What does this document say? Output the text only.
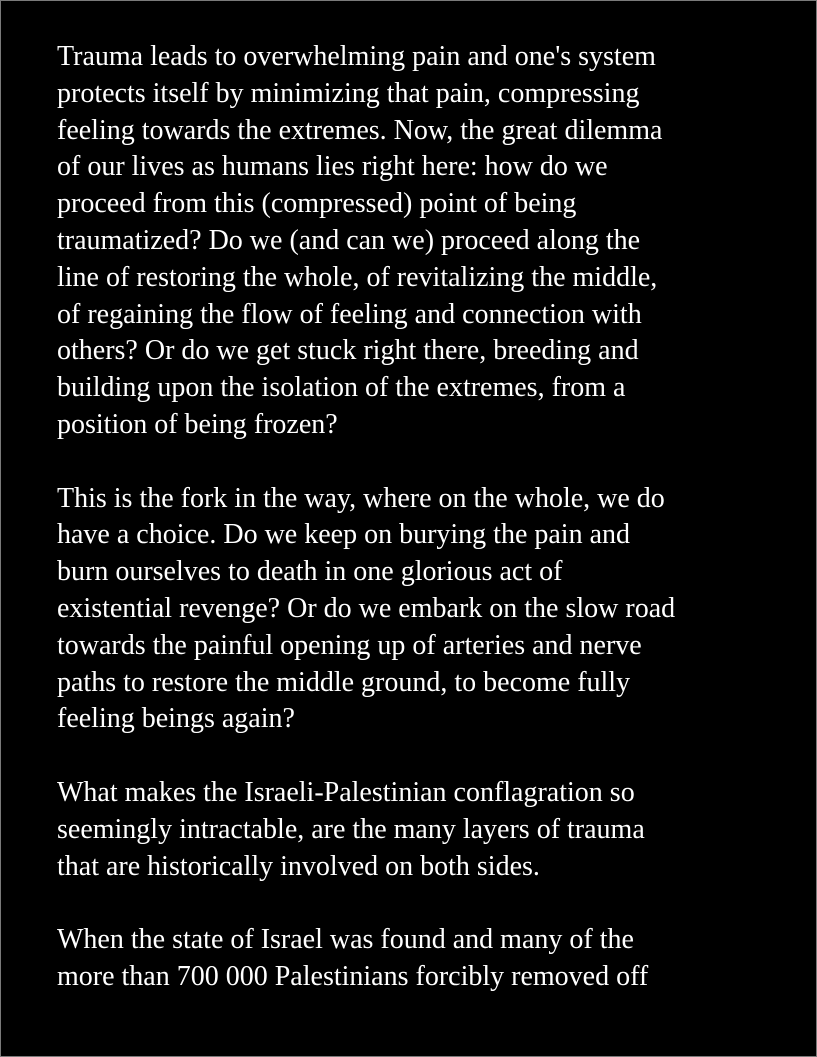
Trauma leads to overwhelming pain and one's system
protects itself by minimizing that pain, compressing
feeling towards the extremes. Now, the great dilemma
of our lives as humans lies right here: how do we
proceed from this (compressed) point of being
traumatized? Do we (and can we) proceed along the
line of restoring the whole, of revitalizing the middle,
of regaining the flow of feeling and connection with
others? Or do we get stuck right there, breeding and
building upon the isolation of the extremes, from a
position of being frozen?
This is the fork in the way, where on the whole, we do
have a choice. Do we keep on burying the pain and
burn ourselves to death in one glorious act of
existential revenge? Or do we embark on the slow road
towards the painful opening up of arteries and nerve
paths to restore the middle ground, to become fully
feeling beings again?
What makes the Israeli-Palestinian conflagration so
seemingly intractable, are the many layers of trauma
that are historically involved on both sides.
When the state of Israel was found and many of the
more than 700 000 Palestinians forcibly removed off
